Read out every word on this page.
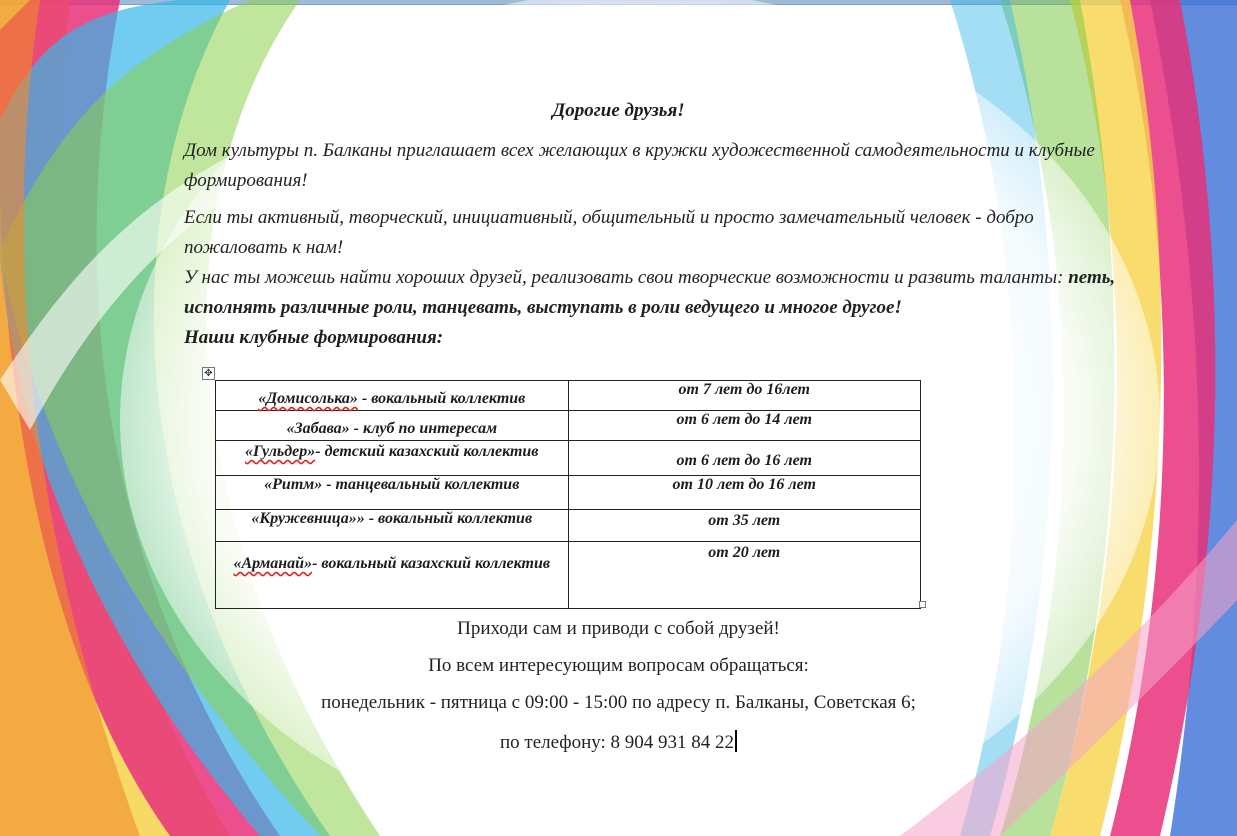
Дорогие друзья!
Дом культуры п. Балканы приглашает всех желающих в кружки художественной самодеятельности и клубные формирования!
Если ты активный, творческий, инициативный, общительный и просто замечательный человек - добро пожаловать к нам!
У нас ты можешь найти хороших друзей, реализовать свои творческие возможности и развить таланты: петь, исполнять различные роли, танцевать, выступать в роли ведущего и многое другое!
Наши клубные формирования:
✥
«Домисолька» - вокальный коллектив	от 7 лет до 16лет
«Забава» - клуб по интересам	от 6 лет до 14 лет
«Гульдер»- детский казахский коллектив	от 6 лет до 16 лет
«Ритм» - танцевальный коллектив	от 10 лет до 16 лет
«Кружевница»» - вокальный коллектив	от 35 лет
«Арманай»- вокальный казахский коллектив	от 20 лет
Приходи сам и приводи с собой друзей!
По всем интересующим вопросам обращаться:
понедельник - пятница с 09:00 - 15:00 по адресу п. Балканы, Советская 6;
по телефону: 8 904 931 84 22
